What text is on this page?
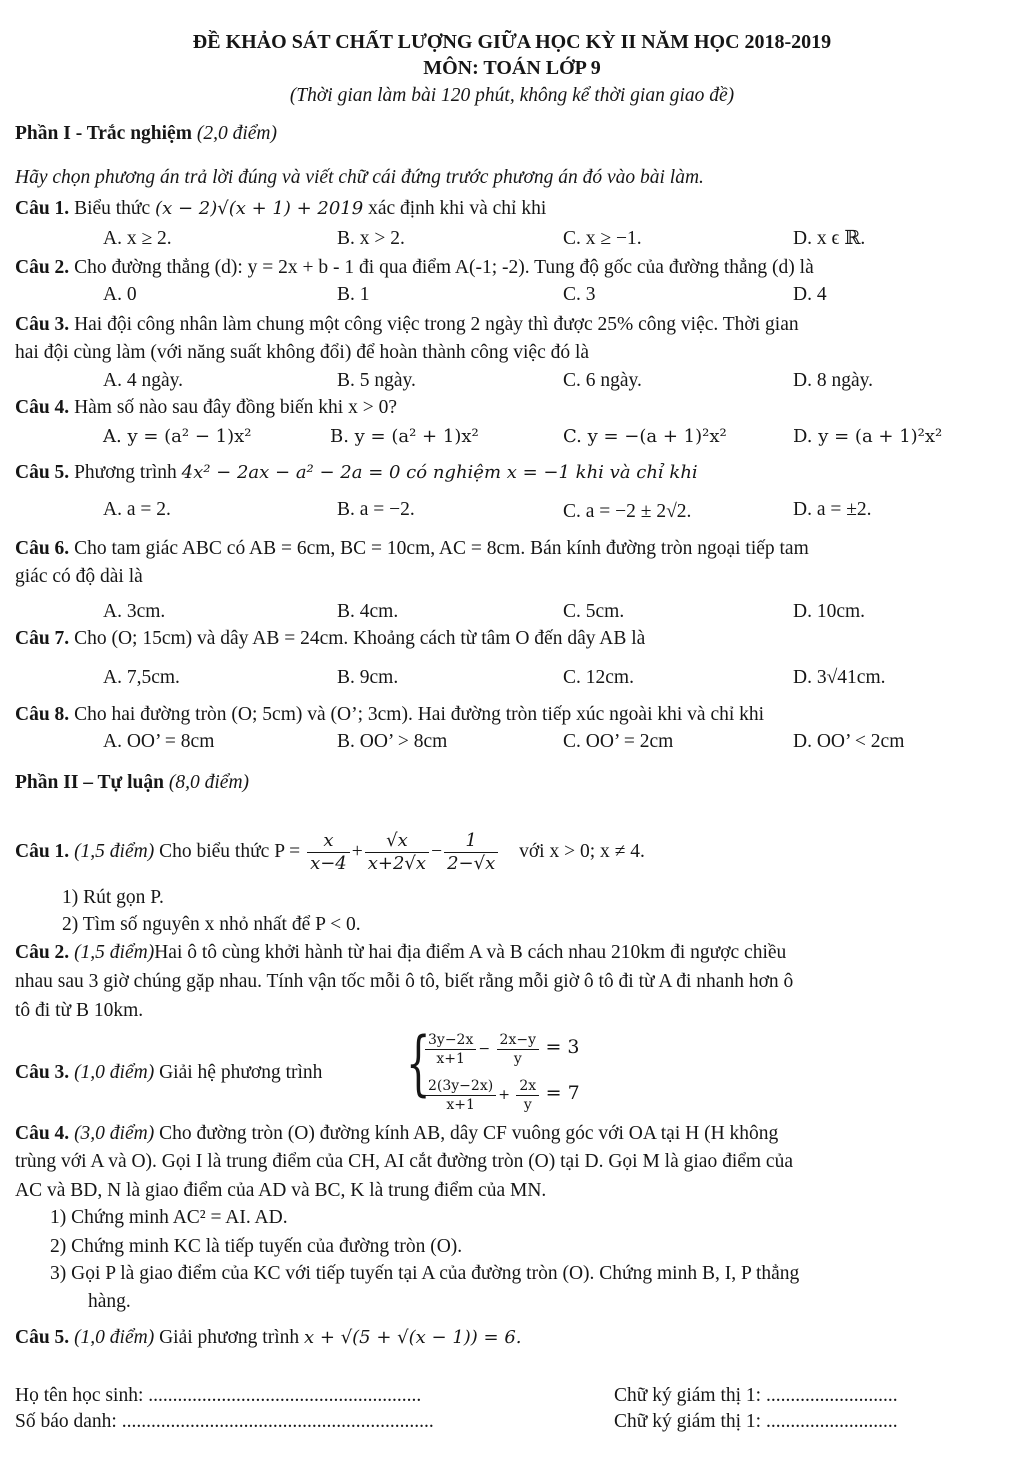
ĐỀ KHẢO SÁT CHẤT LƯỢNG GIỮA HỌC KỲ II NĂM HỌC 2018-2019
MÔN: TOÁN LỚP 9
(Thời gian làm bài 120 phút, không kể thời gian giao đề)
Phần I - Trắc nghiệm (2,0 điểm)
Hãy chọn phương án trả lời đúng và viết chữ cái đứng trước phương án đó vào bài làm.
Câu 1. Biểu thức (x − 2)√(x + 1) + 2019 xác định khi và chỉ khi
A. x ≥ 2.	B. x > 2.	C. x ≥ −1.	D. x ϵ ℝ.
Câu 2. Cho đường thẳng (d): y = 2x + b - 1 đi qua điểm A(-1; -2). Tung độ gốc của đường thẳng (d) là
A. 0	B. 1	C. 3	D. 4
Câu 3. Hai đội công nhân làm chung một công việc trong 2 ngày thì được 25% công việc. Thời gian
hai đội cùng làm (với năng suất không đổi) để hoàn thành công việc đó là
A. 4 ngày.	B. 5 ngày.	C. 6 ngày.	D. 8 ngày.
Câu 4. Hàm số nào sau đây đồng biến khi x > 0?
A. y = (a² − 1)x²	B. y = (a² + 1)x²	C. y = −(a + 1)²x²	D. y = (a + 1)²x²
Câu 5. Phương trình 4x² − 2ax − a² − 2a = 0 có nghiệm x = −1 khi và chỉ khi
A. a = 2.	B. a = −2.	C. a = −2 ± 2√2.	D. a = ±2.
Câu 6. Cho tam giác ABC có AB = 6cm, BC = 10cm, AC = 8cm. Bán kính đường tròn ngoại tiếp tam
giác có độ dài là
A. 3cm.	B. 4cm.	C. 5cm.	D. 10cm.
Câu 7. Cho (O; 15cm) và dây AB = 24cm. Khoảng cách từ tâm O đến dây AB là
A. 7,5cm.	B. 9cm.	C. 12cm.	D. 3√41cm.
Câu 8. Cho hai đường tròn (O; 5cm) và (O’; 3cm). Hai đường tròn tiếp xúc ngoài khi và chỉ khi
A. OO’ = 8cm	B. OO’ > 8cm	C. OO’ = 2cm	D. OO’ < 2cm
Phần II – Tự luận (8,0 điểm)
Câu 1. (1,5 điểm) Cho biểu thức $P = \frac{x}{x-4} + \frac{√x}{x+2√x} - \frac{1}{2-√x}$ với x > 0; x ≠ 4.
1) Rút gọn P.
2) Tìm số nguyên x nhỏ nhất để P < 0.
Câu 2. (1,5 điểm)Hai ô tô cùng khởi hành từ hai địa điểm A và B cách nhau 210km đi ngược chiều
nhau sau 3 giờ chúng gặp nhau. Tính vận tốc mỗi ô tô, biết rằng mỗi giờ ô tô đi từ A đi nhanh hơn ô
tô đi từ B 10km.
Câu 3. (1,0 điểm) Giải hệ phương trình {
$\frac{3y-2x}{x+1} - \frac{2x-y}{y} = 3$
$\frac{2(3y-2x)}{x+1} + \frac{2x}{y} = 7$
Câu 4. (3,0 điểm) Cho đường tròn (O) đường kính AB, dây CF vuông góc với OA tại H (H không
trùng với A và O). Gọi I là trung điểm của CH, AI cắt đường tròn (O) tại D. Gọi M là giao điểm của
AC và BD, N là giao điểm của AD và BC, K là trung điểm của MN.
1) Chứng minh AC² = AI. AD.
2) Chứng minh KC là tiếp tuyến của đường tròn (O).
3) Gọi P là giao điểm của KC với tiếp tuyến tại A của đường tròn (O). Chứng minh B, I, P thẳng
hàng.
Câu 5. (1,0 điểm) Giải phương trình x + √(5 + √(x − 1)) = 6.
Họ tên học sinh: ........................................................
Số báo danh: ................................................................
Chữ ký giám thị 1: ...........................
Chữ ký giám thị 1: ...........................
